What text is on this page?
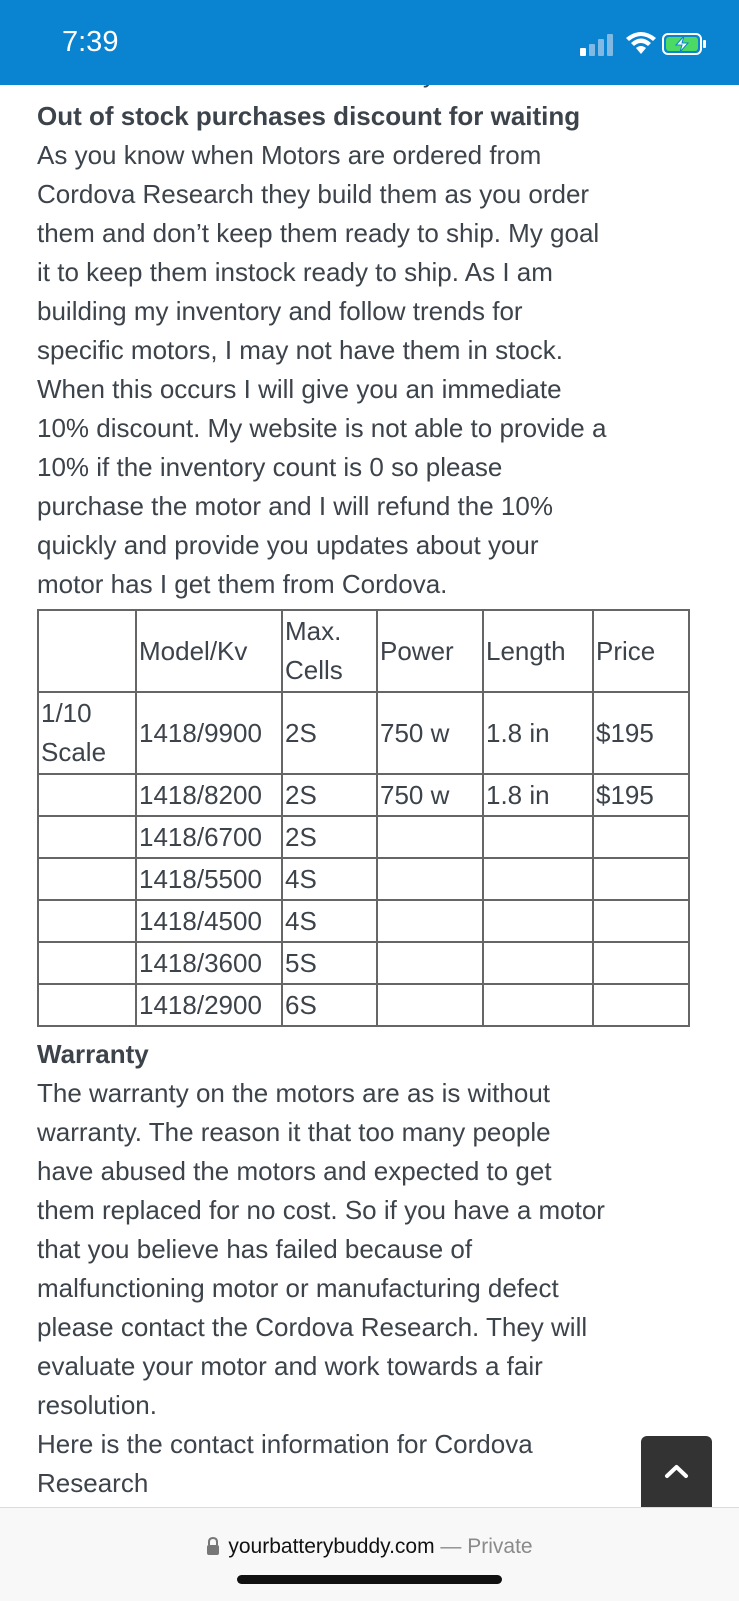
7:39

Out of stock purchases discount for waiting

As you know when Motors are ordered from

Cordova Research they build them as you order

them and don’t keep them ready to ship. My goal

it to keep them instock ready to ship. As I am

building my inventory and follow trends for

specific motors, I may not have them in stock.

When this occurs I will give you an immediate

10% discount. My website is not able to provide a

10% if the inventory count is 0 so please

purchase the motor and I will refund the 10%

quickly and provide you updates about your

motor has I get them from Cordova.

	Model/Kv	Max.
Cells	Power	Length	Price

1/10
Scale	1418/9900	2S	750 w	1.8 in	$195
	1418/8200	2S	750 w	1.8 in	$195
	1418/6700	2S			
	1418/5500	4S			
	1418/4500	4S			
	1418/3600	5S			
	1418/2900	6S			

Warranty

The warranty on the motors are as is without

warranty. The reason it that too many people

have abused the motors and expected to get

them replaced for no cost. So if you have a motor

that you believe has failed because of

malfunctioning motor or manufacturing defect

please contact the Cordova Research. They will

evaluate your motor and work towards a fair

resolution.

Here is the contact information for Cordova

Research

yourbatterybuddy.com — Private
